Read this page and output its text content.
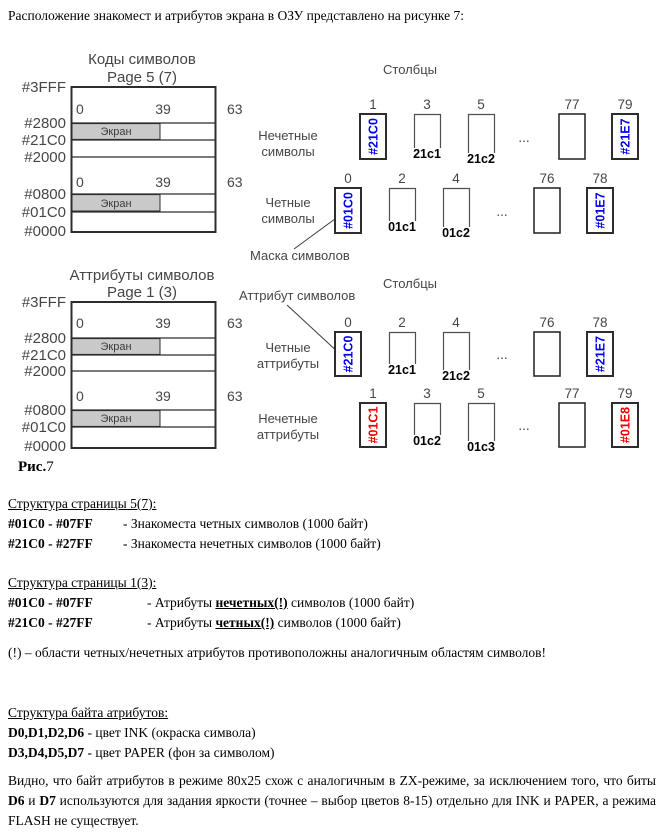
Расположение знакомест и атрибутов экрана в ОЗУ представлено на рисунке 7:
Коды символов
Page 5 (7)
Экран
Экран
#3FFF
#2800
#21C0
#2000
#0800
#01C0
#0000
0	39	63
0	39	63
Аттрибуты символов
Page 1 (3)
Экран
Экран
#3FFF
#2800
#21C0
#2000
#0800
#01C0
#0000
0	39	63
0	39	63
Рис.7
Столбцы
Столбцы
Маска символов
Аттрибут символов
Нечетные
символы
1	3	5	77	79
#21C0	...	#21E7
21c1 21c2
Четные
символы
0	2	4	76	78
#01C0	...	#01E7
01c1 01c2
Четные
аттрибуты
0	2	4	76	78
#21C0	...	#21E7
21c1 21c2
Нечетные
аттрибуты
1	3	5	77	79
#01C1	...	#01E8
01c2 01c3
Структура страницы 5(7):
#01C0 - #07FF	- Знакоместа четных символов (1000 байт)
#21C0 - #27FF	- Знакоместа нечетных символов (1000 байт)
Структура страницы 1(3):
#01C0 - #07FF	- Атрибуты нечетных(!) символов (1000 байт)
#21C0 - #27FF	- Атрибуты четных(!) символов (1000 байт)
(!) – области четных/нечетных атрибутов противоположны аналогичным областям символов!
Структура байта атрибутов:
D0,D1,D2,D6 - цвет INK (окраска символа)
D3,D4,D5,D7 - цвет PAPER (фон за символом)
Видно, что байт атрибутов в режиме 80x25 схож с аналогичным в ZX-режиме, за исключением того, что биты D6 и D7 используются для задания яркости (точнее – выбор цветов 8-15) отдельно для INK и PAPER, а режима FLASH не существует.
